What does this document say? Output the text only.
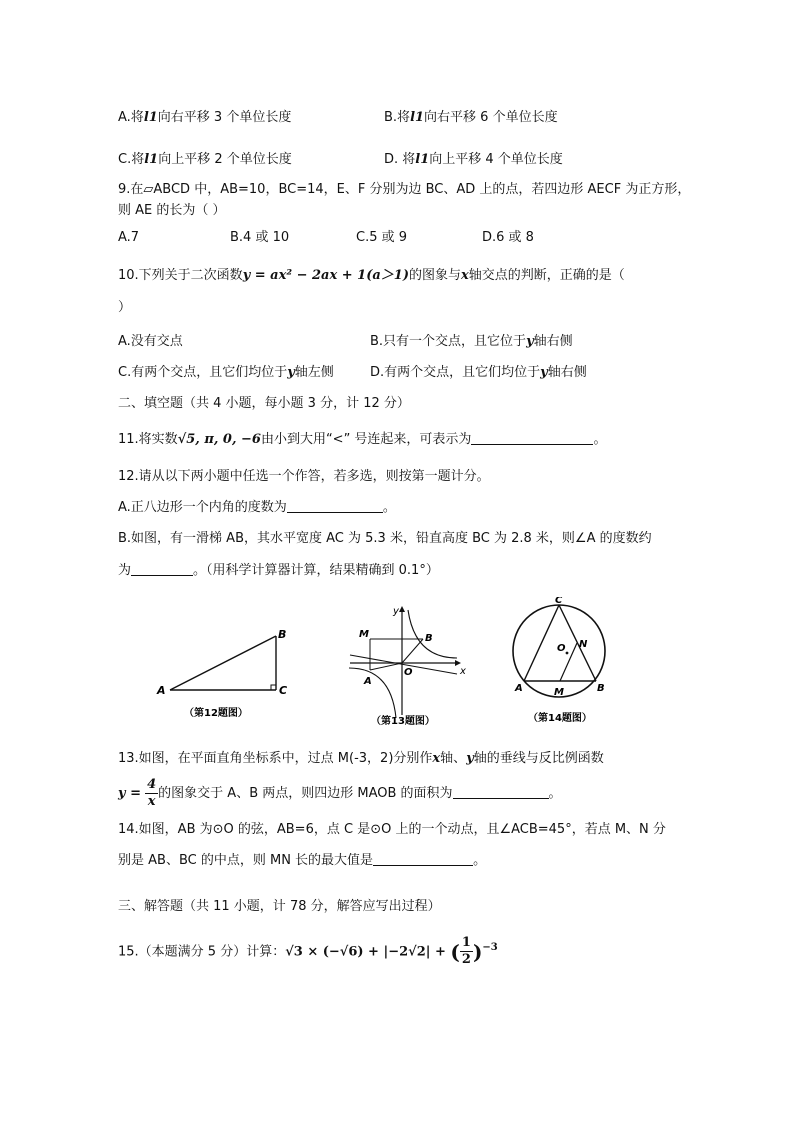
A.将l1向右平移 3 个单位长度	B.将l1向右平移 6 个单位长度
C.将l1向上平移 2 个单位长度	D. 将l1向上平移 4 个单位长度
9.在▱ABCD 中，AB=10，BC=14，E、F 分别为边 BC、AD 上的点，若四边形 AECF 为正方形，
则 AE 的长为（ ）
A.7	B.4 或 10	C.5 或 9	D.6 或 8
10.下列关于二次函数y = ax² − 2ax + 1(a＞1)的图象与x轴交点的判断，正确的是（
）
A.没有交点	B.只有一个交点，且它位于y轴右侧
C.有两个交点，且它们均位于y轴左侧	D.有两个交点，且它们均位于y轴右侧
二、填空题（共 4 小题，每小题 3 分，计 12 分）
11.将实数√5, π, 0, −6由小到大用“<” 号连起来，可表示为	。
12.请从以下两小题中任选一个作答，若多选，则按第一题计分。
A.正八边形一个内角的度数为	。
B.如图，有一滑梯 AB，其水平宽度 AC 为 5.3 米，铅直高度 BC 为 2.8 米，则∠A 的度数约
为	。（用科学计算器计算，结果精确到 0.1°）
A
B
C
（第12题图）
y
x
M	B
O
A
（第13题图）
C
O N
A	M	B
（第14题图）
13.如图，在平面直角坐标系中，过点 M(-3，2)分别作x轴、y轴的垂线与反比例函数
$y = \frac{4}{x}$ 的图象交于 A、B 两点，则四边形 MAOB 的面积为	。
14.如图，AB 为⊙O 的弦，AB=6，点 C 是⊙O 上的一个动点，且∠ACB=45°，若点 M、N 分
别是 AB、BC 的中点，则 MN 长的最大值是	。
三、解答题（共 11 小题，计 78 分，解答应写出过程）
15.（本题满分 5 分）计算：√3 × (−√6) + |−2√2| + ( $\frac{1}{2} )^{-3}$
